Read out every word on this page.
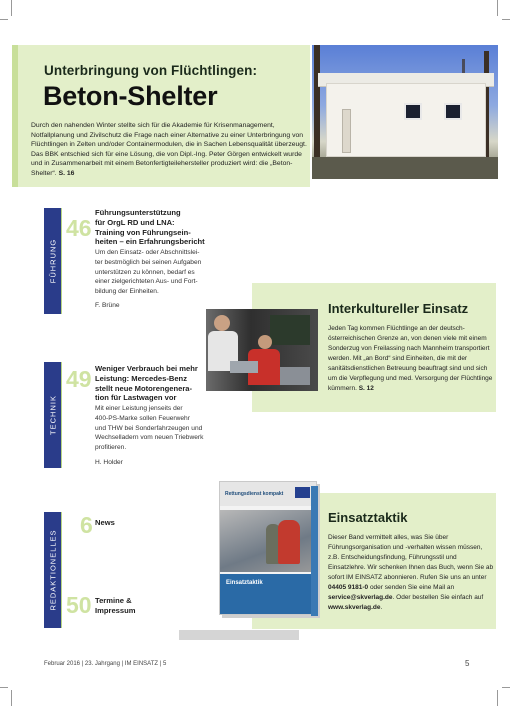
Unterbringung von Flüchtlingen:
Beton-Shelter
Durch den nahenden Winter stellte sich für die Akademie für Krisenmanagement, Notfallplanung und Zivilschutz die Frage nach einer Alternative zu einer Unterbringung von Flüchtlingen in Zelten und/oder Containermodulen, die in Sachen Lebensqualität überzeugt. Das BBK entschied sich für eine Lösung, die von Dipl.-Ing. Peter Görgen entwickelt wurde und in Zusammenarbeit mit einem Betonfertigteilehersteller produziert wird: die „Beton-Shelter“. S. 16
FÜHRUNG
TECHNIK
REDAKTIONELLES
46
Führungsunterstützung
für OrgL RD und LNA:
Training von Führungsein-
heiten – ein Erfahrungsbericht
Um den Einsatz- oder Abschnittslei-
ter bestmöglich bei seinen Aufgaben
unterstützen zu können, bedarf es
einer zielgerichteten Aus- und Fort-
bildung der Einheiten.
F. Brüne
49 Weniger Verbrauch bei mehr
Leistung: Mercedes-Benz
stellt neue Motorengenera-
tion für Lastwagen vor
Mit einer Leistung jenseits der
400-PS-Marke sollen Feuerwehr
und THW bei Sonderfahrzeugen und
Wechselladern vom neuen Triebwerk
profitieren.
H. Holder
6 News
50 Termine &
Impressum
Interkultureller Einsatz
Jeden Tag kommen Flüchtlinge an der deutsch-österreichischen Grenze an, von denen viele mit einem Sonderzug von Freilassing nach Mannheim transportiert werden. Mit „an Bord“ sind Einheiten, die mit der sanitätsdienstlichen Betreuung beauftragt sind und sich um die Verpflegung und med. Versorgung der Flüchtlinge kümmern. S. 12
Einsatztaktik
Dieser Band vermittelt alles, was Sie über Führungsorganisation und -verhalten wissen müssen, z.B. Entscheidungsfindung, Führungsstil und Einsatzlehre. Wir schenken Ihnen das Buch, wenn Sie ab sofort IM EINSATZ abonnieren. Rufen Sie uns an unter 04405 9181-0 oder senden Sie eine Mail an service@skverlag.de. Oder bestellen Sie einfach auf www.skverlag.de.
Rettungsdienst kompakt
Einsatztaktik
Februar 2016 | 23. Jahrgang | IM EINSATZ | 5	5
